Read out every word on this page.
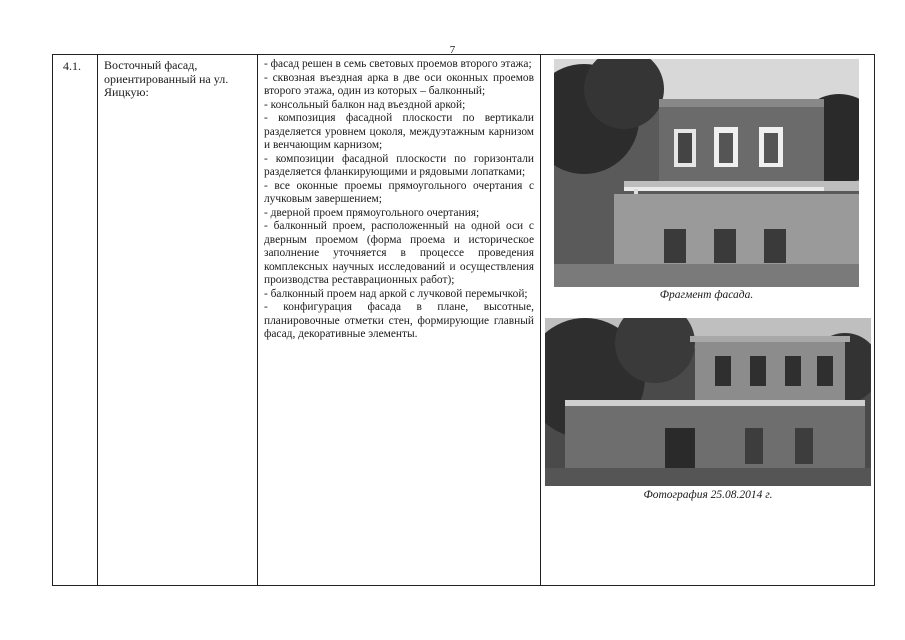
7
4.1.	Восточный фасад, ориентированный на ул. Яицкую:

- фасад решен в семь световых проемов второго этажа;

- сквозная въездная арка в две оси оконных проемов второго этажа, один из которых – балконный;

- консольный балкон над въездной аркой;

- композиция фасадной плоскости по вертикали разделяется уровнем цоколя, междуэтажным карнизом и венчающим карнизом;

- композиции фасадной плоскости по горизонтали разделяется фланкирующими и рядовыми лопатками;

- все оконные проемы прямоугольного очертания с лучковым завершением;

- дверной проем прямоугольного очертания;

- балконный проем, расположенный на одной оси с дверным проемом (форма проема и историческое заполнение уточняется в процессе проведения комплексных научных исследований и осуществления производства реставрационных работ);

- балконный проем над аркой с лучковой перемычкой;

- конфигурация фасада в плане, высотные, планировочные отметки стен, формирующие главный фасад, декоративные элементы.

Фрагмент фасада.
Фотография 25.08.2014 г.
